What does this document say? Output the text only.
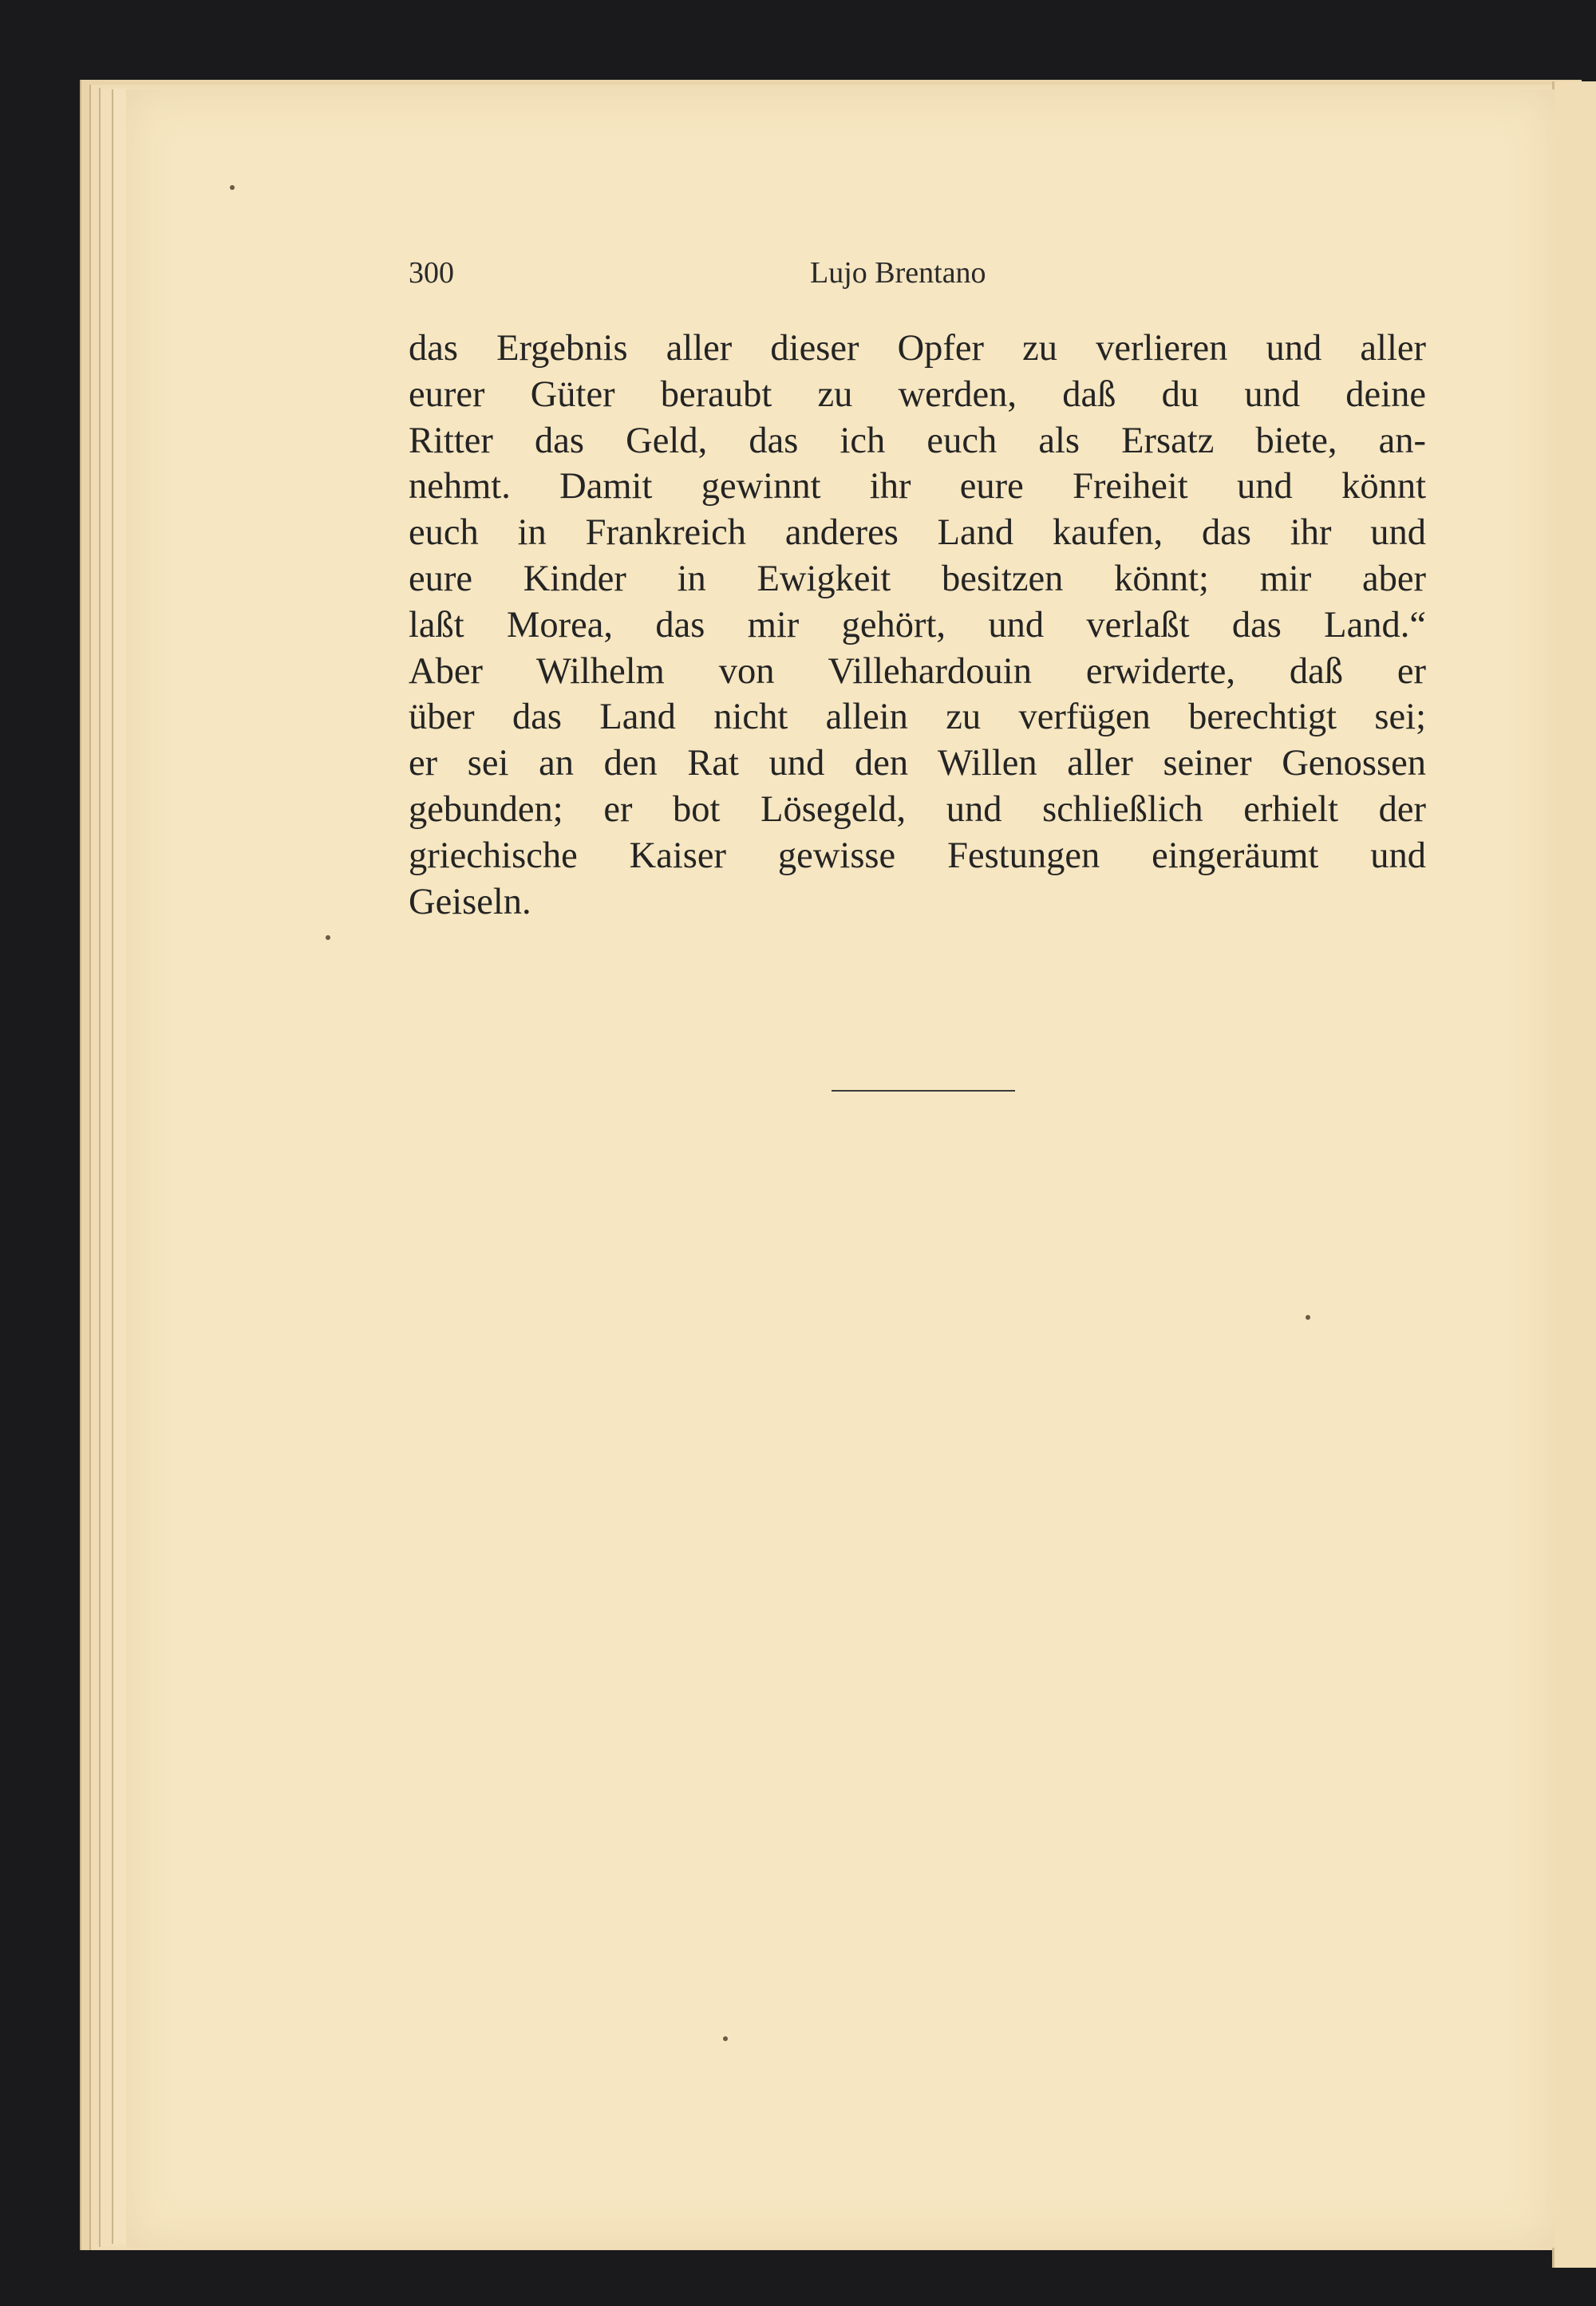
300	Lujo Brentano
das Ergebnis aller dieser Opfer zu verlieren und aller
eurer Güter beraubt zu werden, daß du und deine
Ritter das Geld, das ich euch als Ersatz biete, an-
nehmt. Damit gewinnt ihr eure Freiheit und könnt
euch in Frankreich anderes Land kaufen, das ihr und
eure Kinder in Ewigkeit besitzen könnt; mir aber
laßt Morea, das mir gehört, und verlaßt das Land.“
Aber Wilhelm von Villehardouin erwiderte, daß er
über das Land nicht allein zu verfügen berechtigt sei;
er sei an den Rat und den Willen aller seiner Genossen
gebunden; er bot Lösegeld, und schließlich erhielt der
griechische Kaiser gewisse Festungen eingeräumt und
Geiseln.
